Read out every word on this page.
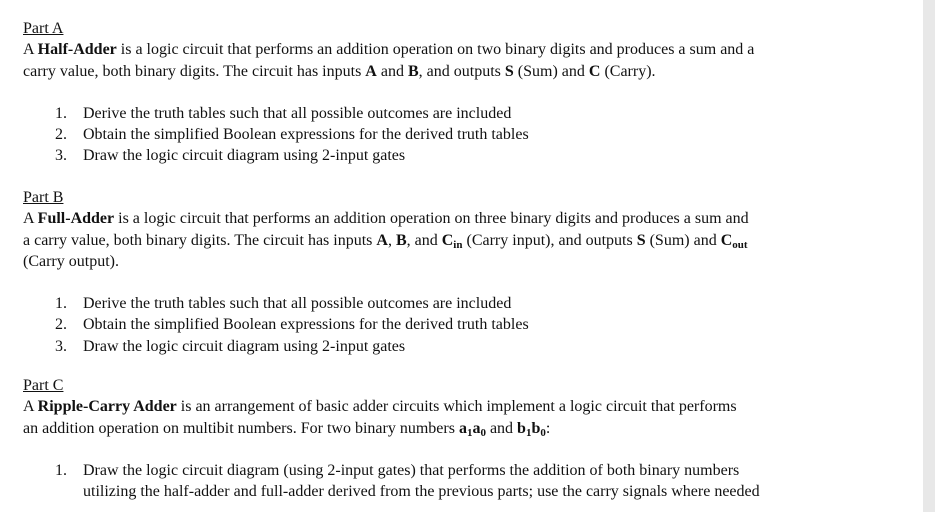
Part A
A Half-Adder is a logic circuit that performs an addition operation on two binary digits and produces a sum and a
carry value, both binary digits. The circuit has inputs A and B, and outputs S (Sum) and C (Carry).
1. Derive the truth tables such that all possible outcomes are included
2. Obtain the simplified Boolean expressions for the derived truth tables
3. Draw the logic circuit diagram using 2-input gates
Part B
A Full-Adder is a logic circuit that performs an addition operation on three binary digits and produces a sum and
a carry value, both binary digits. The circuit has inputs A, B, and $C_{in}$ (Carry input), and outputs S (Sum) and $C_{out}$
(Carry output).
1. Derive the truth tables such that all possible outcomes are included
2. Obtain the simplified Boolean expressions for the derived truth tables
3. Draw the logic circuit diagram using 2-input gates
Part C
A Ripple-Carry Adder is an arrangement of basic adder circuits which implement a logic circuit that performs
an addition operation on multibit numbers. For two binary numbers $a_1a_0$ and $b_1b_0$:
1. Draw the logic circuit diagram (using 2-input gates) that performs the addition of both binary numbers
utilizing the half-adder and full-adder derived from the previous parts; use the carry signals where needed
